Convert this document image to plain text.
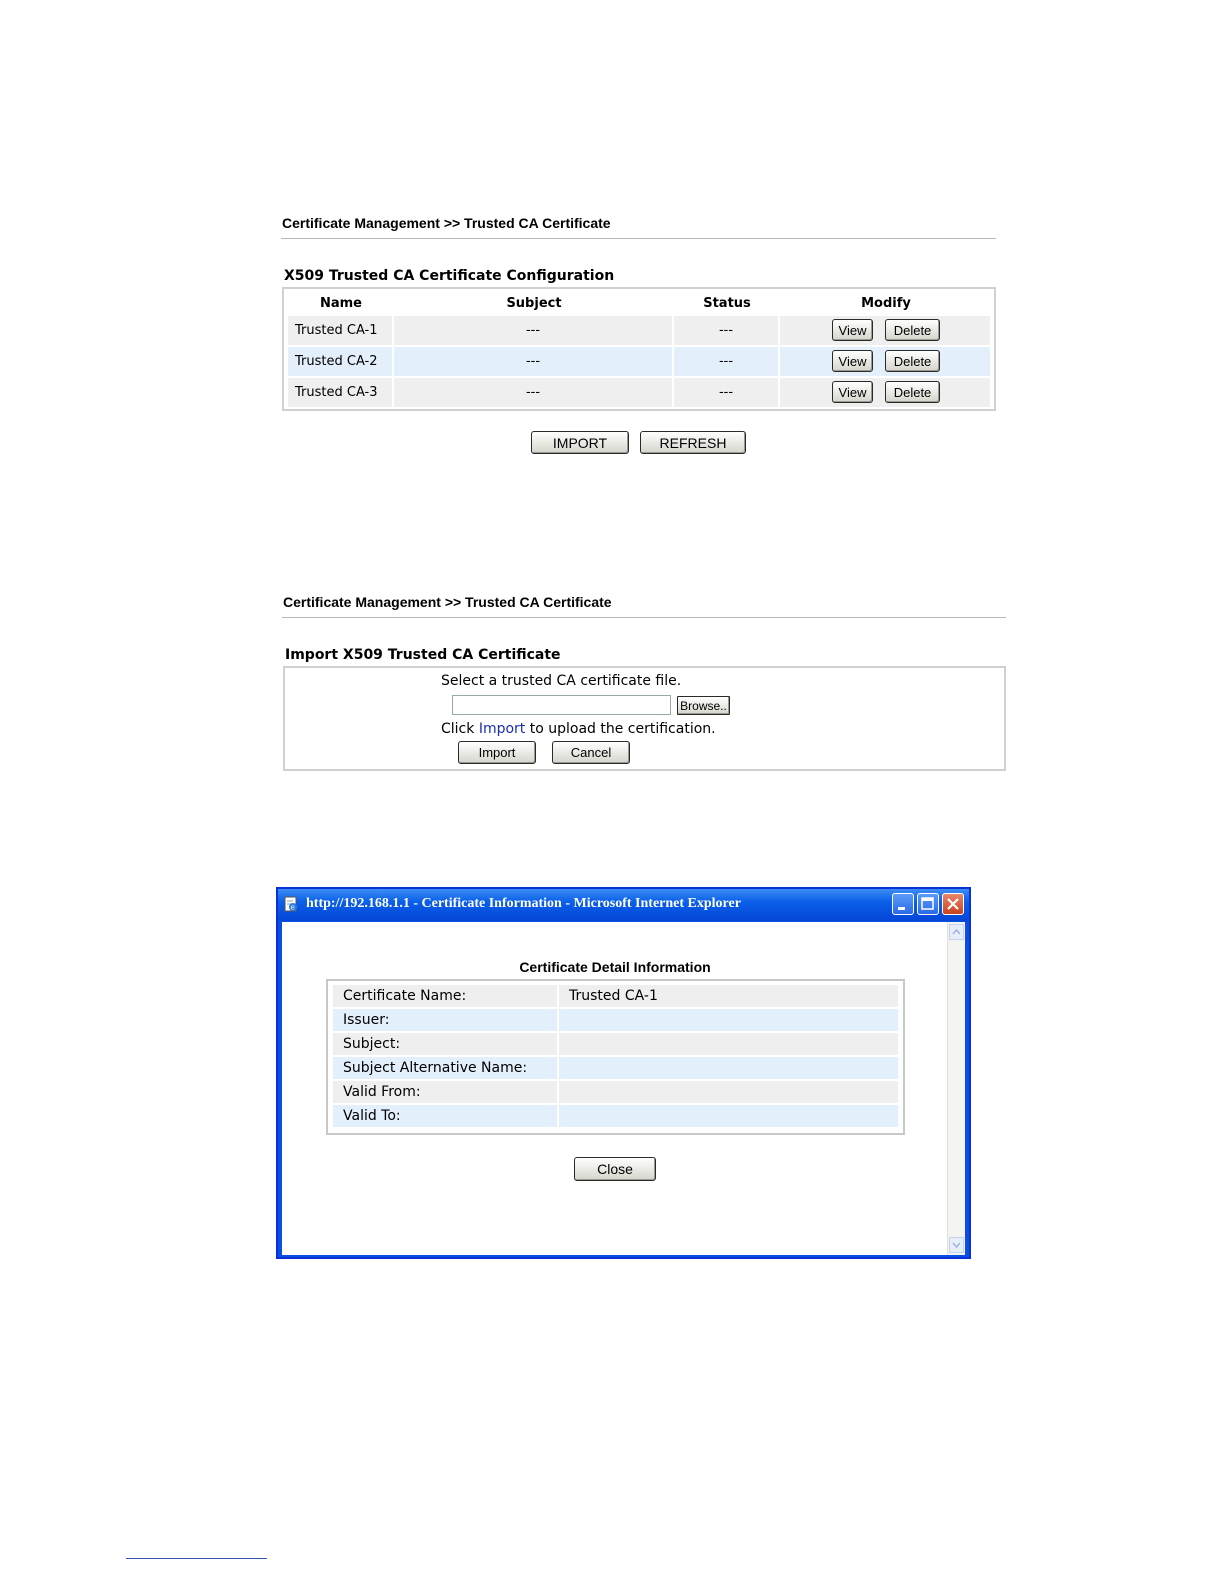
Certificate Management >> Trusted CA Certificate
X509 Trusted CA Certificate Configuration
Name	Subject	Status	Modify
Trusted CA-1	---	---	View	Delete
Trusted CA-2	---	---	View	Delete
Trusted CA-3	---	---	View	Delete
IMPORT	REFRESH
Certificate Management >> Trusted CA Certificate
Import X509 Trusted CA Certificate
Select a trusted CA certificate file.
Browse..
Click Import to upload the certification.
Import	Cancel
e http://192.168.1.1 - Certificate Information - Microsoft Internet Explorer
Certificate Detail Information
Certificate Name:	Trusted CA-1
Issuer:
Subject:
Subject Alternative Name:
Valid From:
Valid To:
Close
